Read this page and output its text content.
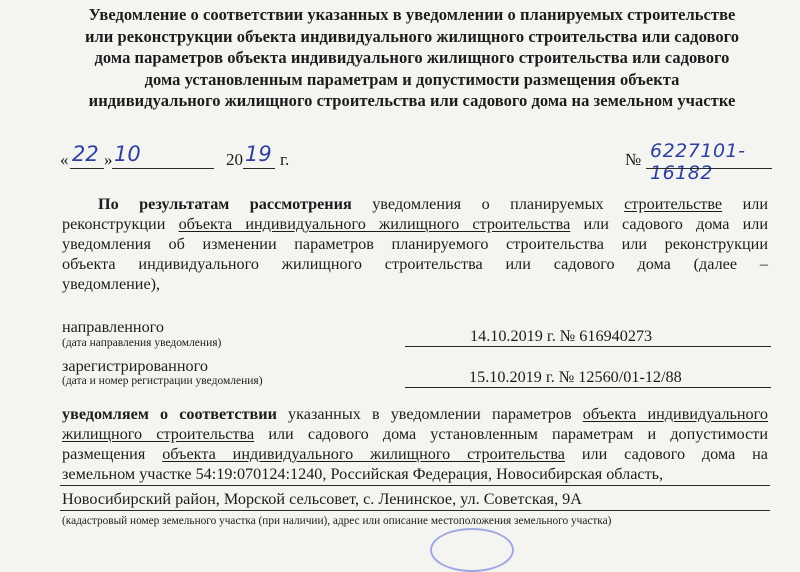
Уведомление о соответствии указанных в уведомлении о планируемых строительстве или реконструкции объекта индивидуального жилищного строительства или садового дома параметров объекта индивидуального жилищного строительства или садового дома установленным параметрам и допустимости размещения объекта индивидуального жилищного строительства или садового дома на земельном участке
« 22 » 10	20 19 г.	№ 6227101-16182
По результатам рассмотрения уведомления о планируемых строительстве или
реконструкции объекта индивидуального жилищного строительства или садового дома или
уведомления об изменении параметров планируемого строительства или реконструкции
объекта индивидуального жилищного строительства или садового дома (далее –
уведомление),
направленного
(дата направления уведомления)	14.10.2019 г. № 616940273
зарегистрированного
(дата и номер регистрации уведомления)	15.10.2019 г. № 12560/01-12/88
уведомляем о соответствии указанных в уведомлении параметров объекта индивидуального
жилищного строительства или садового дома установленным параметрам и допустимости
размещения объекта индивидуального жилищного строительства или садового дома на
земельном участке 54:19:070124:1240, Российская Федерация, Новосибирская область,
Новосибирский район, Морской сельсовет, с. Ленинское, ул. Советская, 9А
(кадастровый номер земельного участка (при наличии), адрес или описание местоположения земельного участка)
